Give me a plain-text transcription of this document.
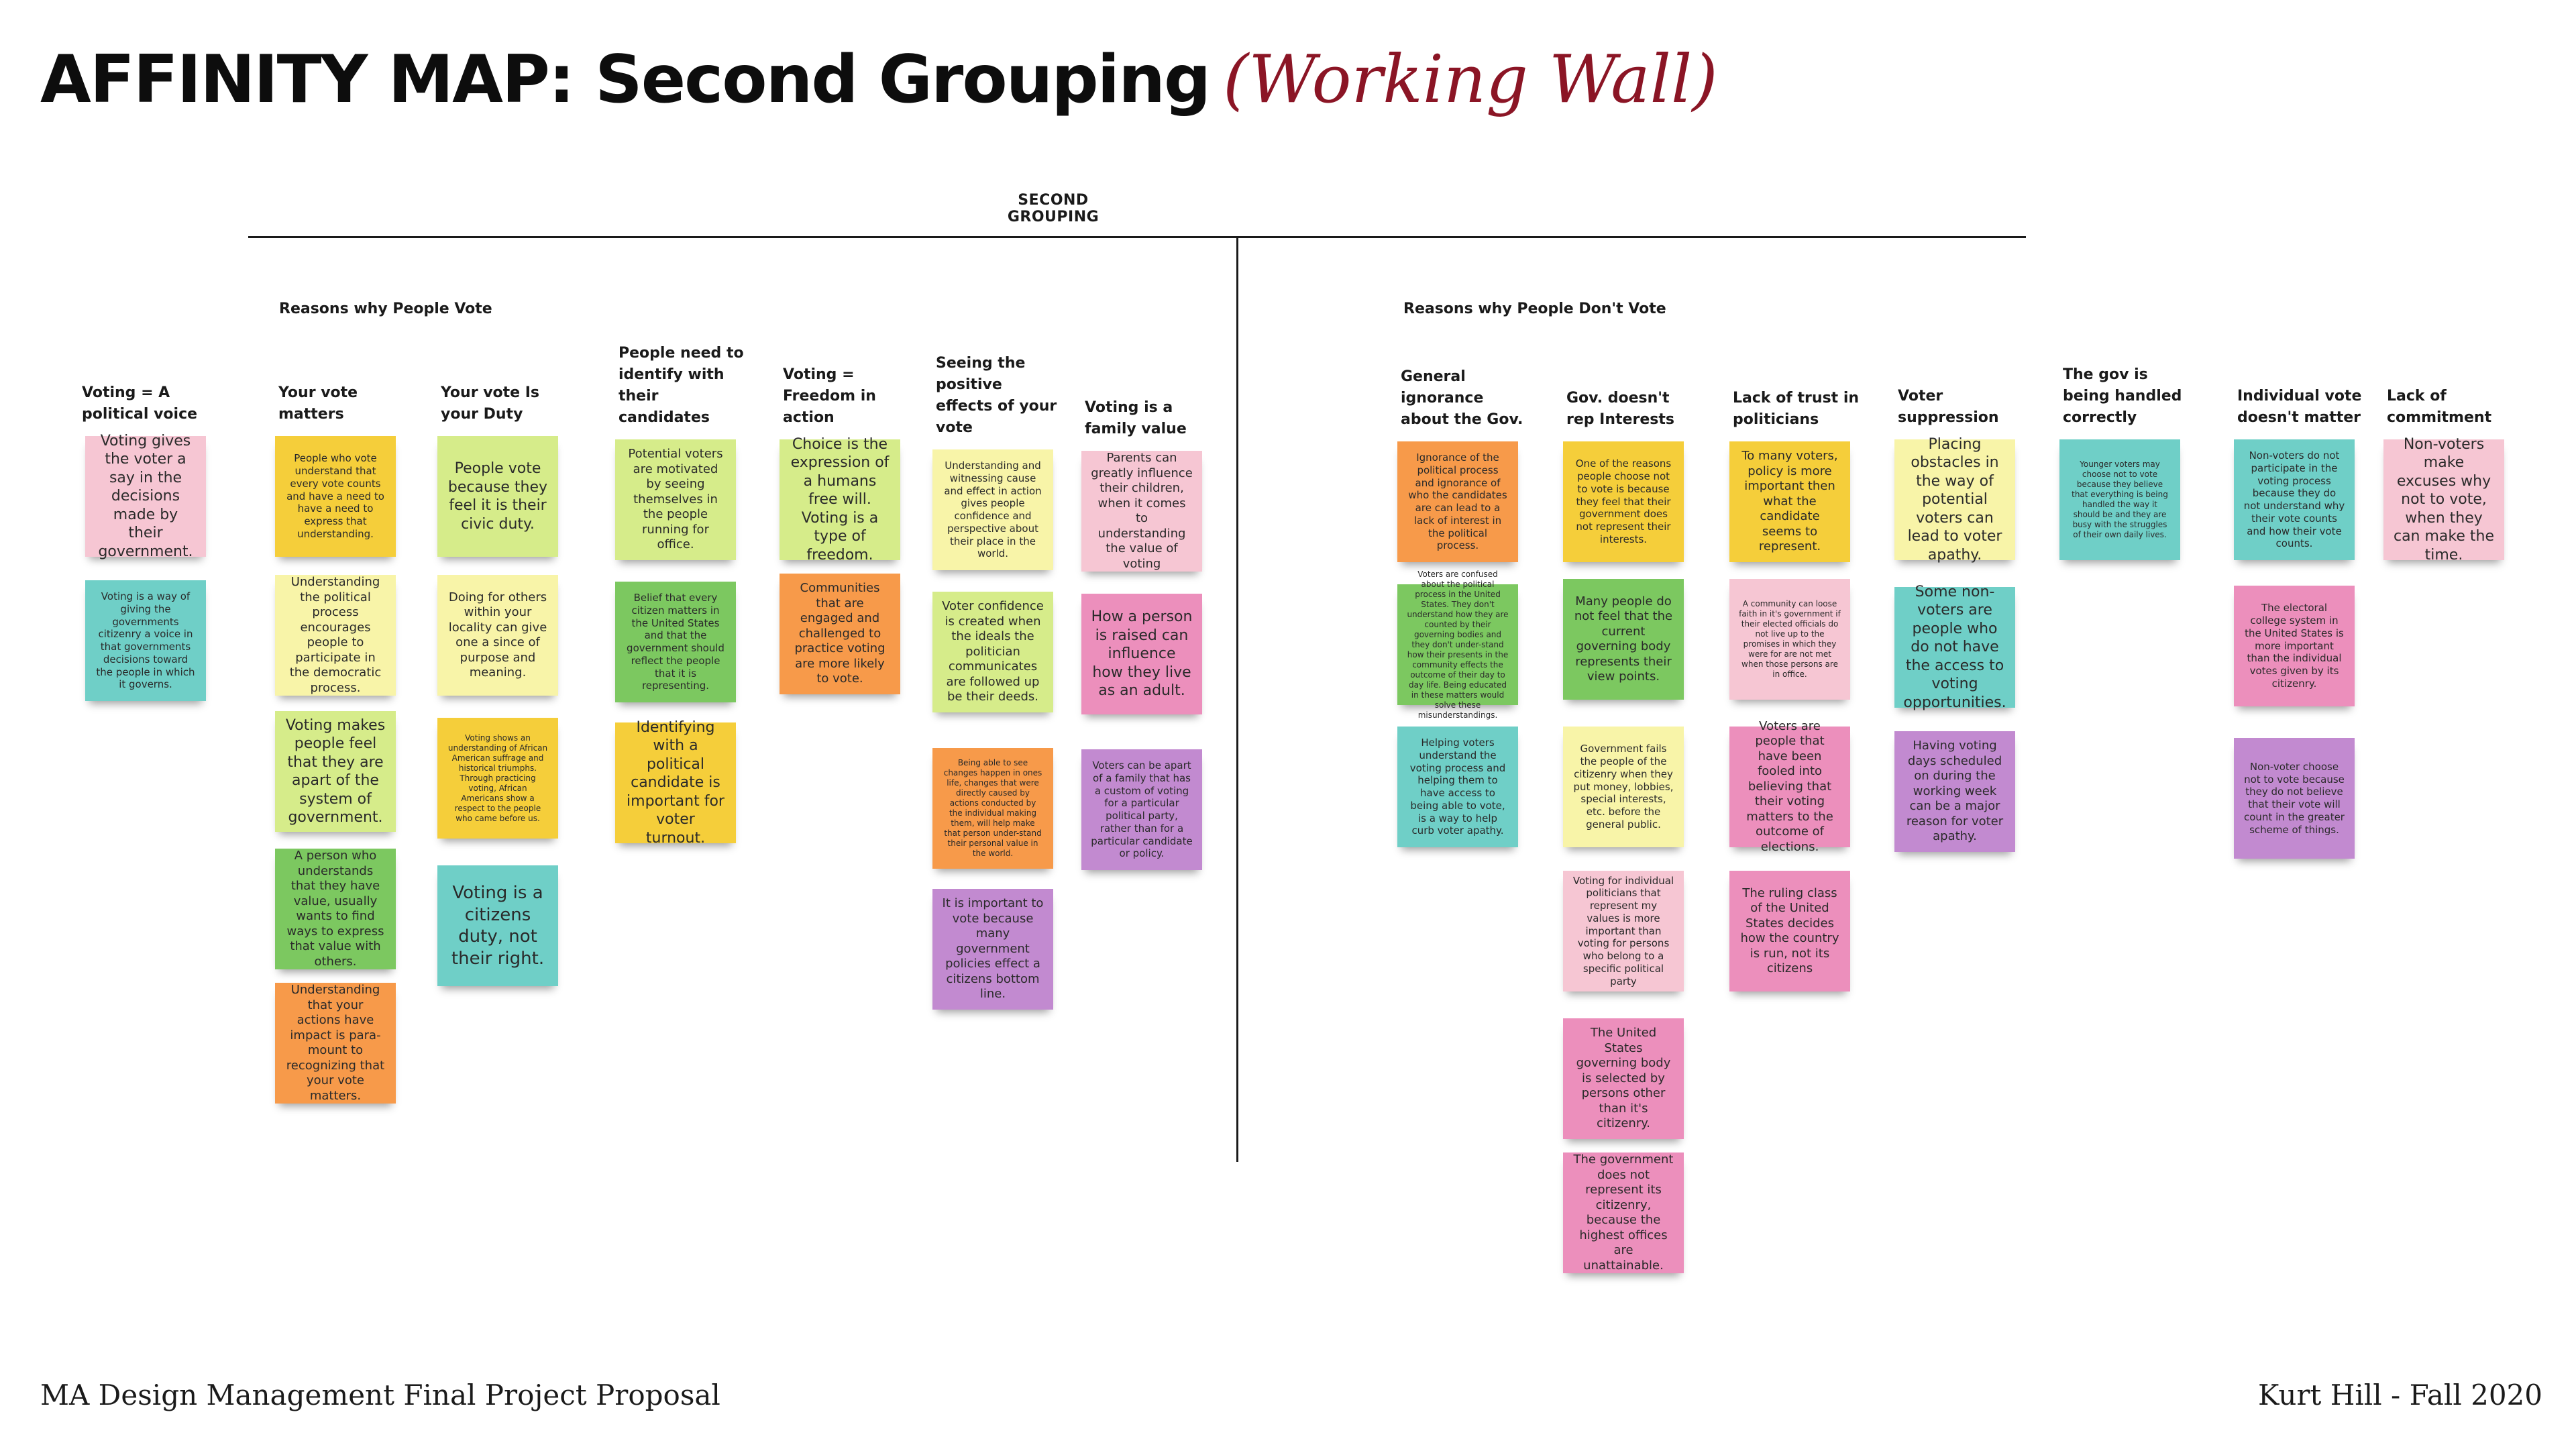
AFFINITY MAP: Second Grouping (Working Wall)
SECOND GROUPING
Reasons why People Vote	Reasons why People Don't Vote
Voting = A political voice
Voting gives the voter a say in the decisions made by their government.
Voting is a way of giving the governments citizenry a voice in that governments decisions toward the people in which it governs.
Your vote matters
People who vote understand that every vote counts and have a need to have a need to express that understanding.
Understanding the political process encourages people to participate in the democratic process.
Voting makes people feel that they are apart of the system of government.
A person who understands that they have value, usually wants to find ways to express that value with others.
Understanding that your actions have impact is para-mount to recognizing that your vote matters.
Your vote Is your Duty
People vote because they feel it is their civic duty.
Doing for others within your locality can give one a since of purpose and meaning.
Voting shows an understanding of African American suffrage and historical triumphs. Through practicing voting, African Americans show a respect to the people who came before us.
Voting is a citizens duty, not their right.
People need to identify with their candidates
Potential voters are motivated by seeing themselves in the people running for office.
Belief that every citizen matters in the United States and that the government should reflect the people that it is representing.
Identifying with a political candidate is important for voter turnout.
Voting = Freedom in action
Choice is the expression of a humans free will. Voting is a type of freedom.
Communities that are engaged and challenged to practice voting are more likely to vote.
Seeing the positive effects of your vote
Understanding and witnessing cause and effect in action gives people confidence and perspective about their place in the world.
Voter confidence is created when the ideals the politician communicates are followed up be their deeds.
Being able to see changes happen in ones life, changes that were directly caused by actions conducted by the individual making them, will help make that person under-stand their personal value in the world.
It is important to vote because many government policies effect a citizens bottom line.
Voting is a family value
Parents can greatly influence their children, when it comes to understanding the value of voting
How a person is raised can influence how they live as an adult.
Voters can be apart of a family that has a custom of voting for a particular political party, rather than for a particular candidate or policy.
General ignorance about the Gov.
Ignorance of the political process and ignorance of who the candidates are can lead to a lack of interest in the political process.
Voters are confused about the political process in the United States. They don't understand how they are counted by their governing bodies and they don't under-stand how their presents in the community effects the outcome of their day to day life. Being educated in these matters would solve these misunderstandings.
Helping voters understand the voting process and helping them to have access to being able to vote, is a way to help curb voter apathy.
Gov. doesn't rep Interests
One of the reasons people choose not to vote is because they feel that their government does not represent their interests.
Many people do not feel that the current governing body represents their view points.
Government fails the people of the citizenry when they put money, lobbies, special interests, etc. before the general public.
Voting for individual politicians that represent my values is more important than voting for persons who belong to a specific political party
The United States governing body is selected by persons other than it's citizenry.
The government does not represent its citizenry, because the highest offices are unattainable.
Lack of trust in politicians
To many voters, policy is more important then what the candidate seems to represent.
A community can loose faith in it's government if their elected officials do not live up to the promises in which they were for are not met when those persons are in office.
Voters are people that have been fooled into believing that their voting matters to the outcome of elections.
The ruling class of the United States decides how the country is run, not its citizens
Voter suppression
Placing obstacles in the way of potential voters can lead to voter apathy.
Some non-voters are people who do not have the access to voting opportunities.
Having voting days scheduled on during the working week can be a major reason for voter apathy.
The gov is being handled correctly
Younger voters may choose not to vote because they believe that everything is being handled the way it should be and they are busy with the struggles of their own daily lives.
Individual vote doesn't matter
Non-voters do not participate in the voting process because they do not understand why their vote counts and how their vote counts.
The electoral college system in the United States is more important than the individual votes given by its citizenry.
Non-voter choose not to vote because they do not believe that their vote will count in the greater scheme of things.
Lack of commitment
Non-voters make excuses why not to vote, when they can make the time.
MA Design Management Final Project Proposal	Kurt Hill - Fall 2020
